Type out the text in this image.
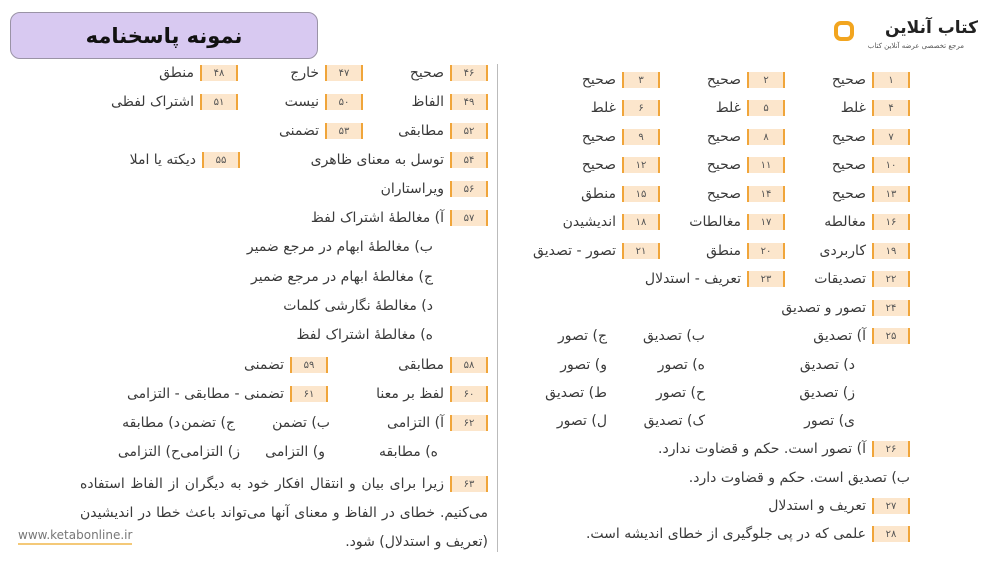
نمونه پاسخنامه	کتاب آنلاین
مرجع تخصصی عرضه آنلاین کتاب
۱
صحیح
۲
صحیح
۳
صحیح
۴
غلط
۵
غلط
۶
غلط
۷
صحیح
۸
صحیح
۹
صحیح
۱۰
صحیح
۱۱
صحیح
۱۲
صحیح
۱۳
صحیح
۱۴
صحیح
۱۵
منطق
۱۶
مغالطه
۱۷
مغالطات
۱۸
اندیشیدن
۱۹
کاربردی
۲۰
منطق
۲۱
تصور - تصدیق
۲۲
تصدیقات
۲۳
تعریف - استدلال
۲۴
تصور و تصدیق
۲۵
آ) تصدیق
ب) تصدیق
ج) تصور
د) تصدیق
ه) تصور
و) تصور
ز) تصدیق
ح) تصور
ط) تصدیق
ی) تصور
ک) تصدیق
ل) تصور
۲۶
آ) تصور است. حکم و قضاوت ندارد.
ب) تصدیق است. حکم و قضاوت دارد.
۲۷
تعریف و استدلال
۲۸
علمی که در پی جلوگیری از خطای اندیشه است.
۴۶
صحیح
۴۷
خارج
۴۸
منطق
۴۹
الفاظ
۵۰
نیست
۵۱
اشتراک لفظی
۵۲
مطابقی
۵۳
تضمنی
۵۴
توسل به معنای ظاهری
۵۵
دیکته یا املا
۵۶
ویراستاران
۵۷
آ) مغالطهٔ اشتراک لفظ
ب) مغالطهٔ ابهام در مرجع ضمیر
ج) مغالطهٔ ابهام در مرجع ضمیر
د) مغالطهٔ نگارشی کلمات
ه) مغالطهٔ اشتراک لفظ
۵۸
مطابقی
۵۹
تضمنی
۶۰
لفظ بر معنا
۶۱
تضمنی - مطابقی - التزامی
۶۲
آ) التزامی
ب) تضمن
ج) تضمن
د) مطابقه
ه) مطابقه
و) التزامی
ز) التزامی
ح) التزامی
۶۳زیرا برای بیان و انتقال افکار خود به دیگران از الفاظ استفاده می‌کنیم. خطای در الفاظ و معنای آنها می‌تواند باعث خطا در اندیشیدن (تعریف و استدلال) شود.
www.ketabonline.ir
